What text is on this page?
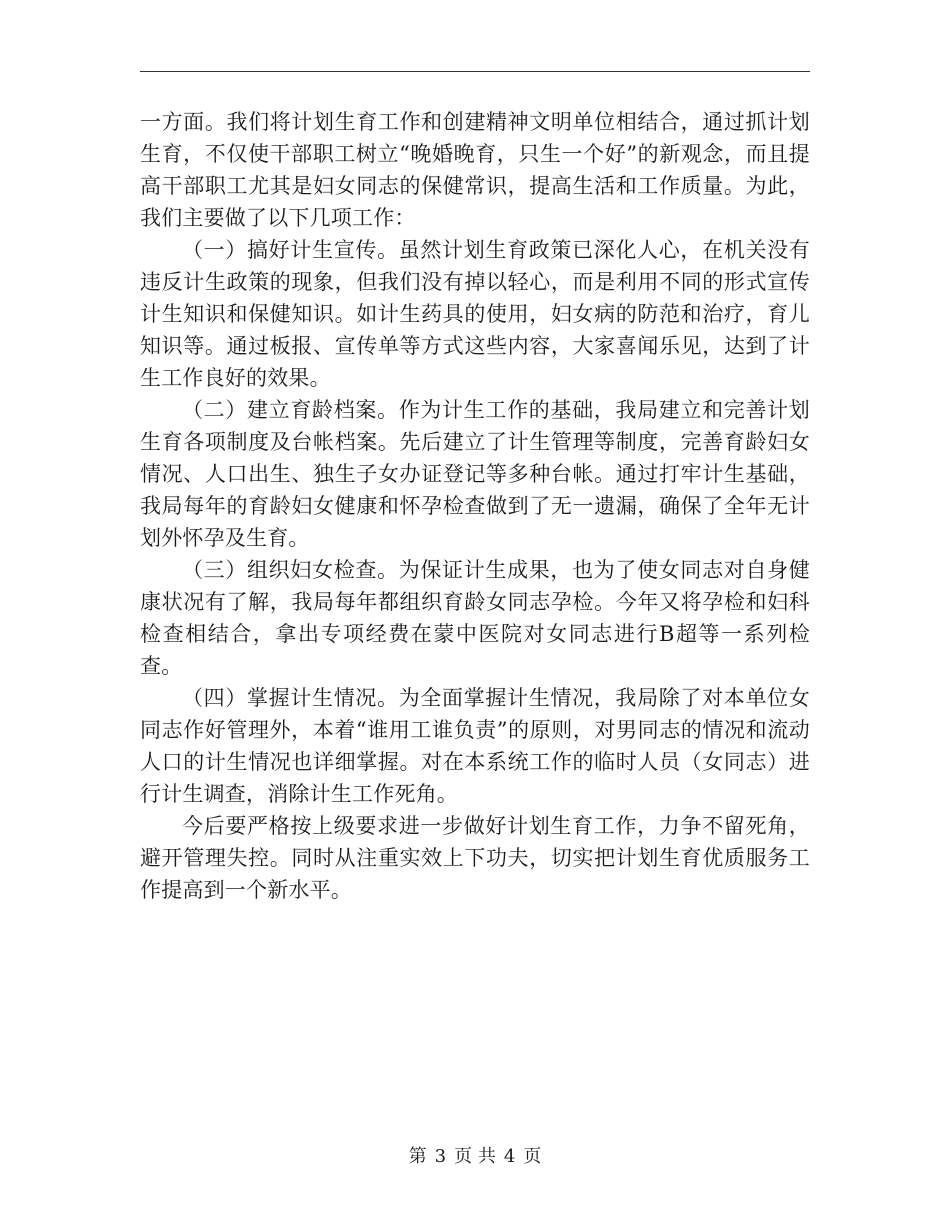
一方面。我们将计划生育工作和创建精神文明单位相结合，通过抓计划生育，不仅使干部职工树立“晚婚晚育，只生一个好”的新观念，而且提高干部职工尤其是妇女同志的保健常识，提高生活和工作质量。为此，我们主要做了以下几项工作：

（一）搞好计生宣传。虽然计划生育政策已深化人心，在机关没有违反计生政策的现象，但我们没有掉以轻心，而是利用不同的形式宣传计生知识和保健知识。如计生药具的使用，妇女病的防范和治疗，育儿知识等。通过板报、宣传单等方式这些内容，大家喜闻乐见，达到了计生工作良好的效果。

（二）建立育龄档案。作为计生工作的基础，我局建立和完善计划生育各项制度及台帐档案。先后建立了计生管理等制度，完善育龄妇女情况、人口出生、独生子女办证登记等多种台帐。通过打牢计生基础，我局每年的育龄妇女健康和怀孕检查做到了无一遗漏，确保了全年无计划外怀孕及生育。

（三）组织妇女检查。为保证计生成果，也为了使女同志对自身健康状况有了解，我局每年都组织育龄女同志孕检。今年又将孕检和妇科检查相结合，拿出专项经费在蒙中医院对女同志进行B超等一系列检查。

（四）掌握计生情况。为全面掌握计生情况，我局除了对本单位女同志作好管理外，本着“谁用工谁负责”的原则，对男同志的情况和流动人口的计生情况也详细掌握。对在本系统工作的临时人员（女同志）进行计生调查，消除计生工作死角。

今后要严格按上级要求进一步做好计划生育工作，力争不留死角，避开管理失控。同时从注重实效上下功夫，切实把计划生育优质服务工作提高到一个新水平。

第 3 页 共 4 页
